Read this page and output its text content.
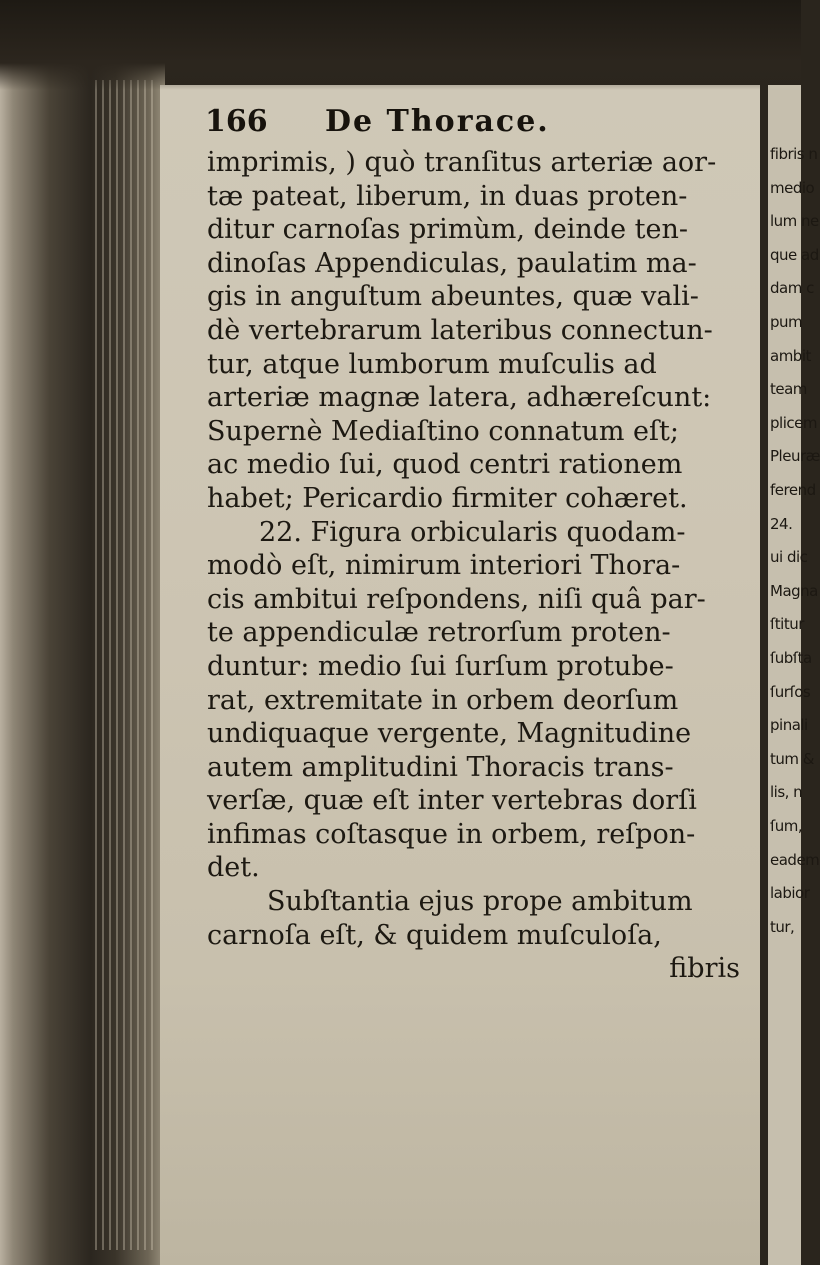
fibris n
medio
lum ne
que ad
dam c
pum
ambit
team
plicem
Pleuræ
ferend
24.
ui dic
Magna
ſtitur
ſubſta
ſurſos
pinali
tum &
lis, n
ſum,
eadem
labior
tur,
166 De Thorace.
imprimis, ) quò tranſitus arteriæ aor-
tæ pateat, liberum, in duas proten-
ditur carnoſas primùm, deinde ten-
dinoſas Appendiculas, paulatim ma-
gis in anguſtum abeuntes, quæ vali-
dè vertebrarum lateribus connectun-
tur, atque lumborum muſculis ad
arteriæ magnæ latera, adhæreſcunt:
Supernè Mediaſtino connatum eſt;
ac medio ſui, quod centri rationem
habet; Pericardio firmiter cohæret.
22. Figura orbicularis quodam-
modò eſt, nimirum interiori Thora-
cis ambitui reſpondens, niſi quâ par-
te appendiculæ retrorſum proten-
duntur: medio ſui ſurſum protube-
rat, extremitate in orbem deorſum
undiquaque vergente, Magnitudine
autem amplitudini Thoracis trans-
verſæ, quæ eſt inter vertebras dorſi
infimas coſtasque in orbem, reſpon-
det.
Subſtantia ejus prope ambitum
carnoſa eſt, & quidem muſculoſa,
fibris
